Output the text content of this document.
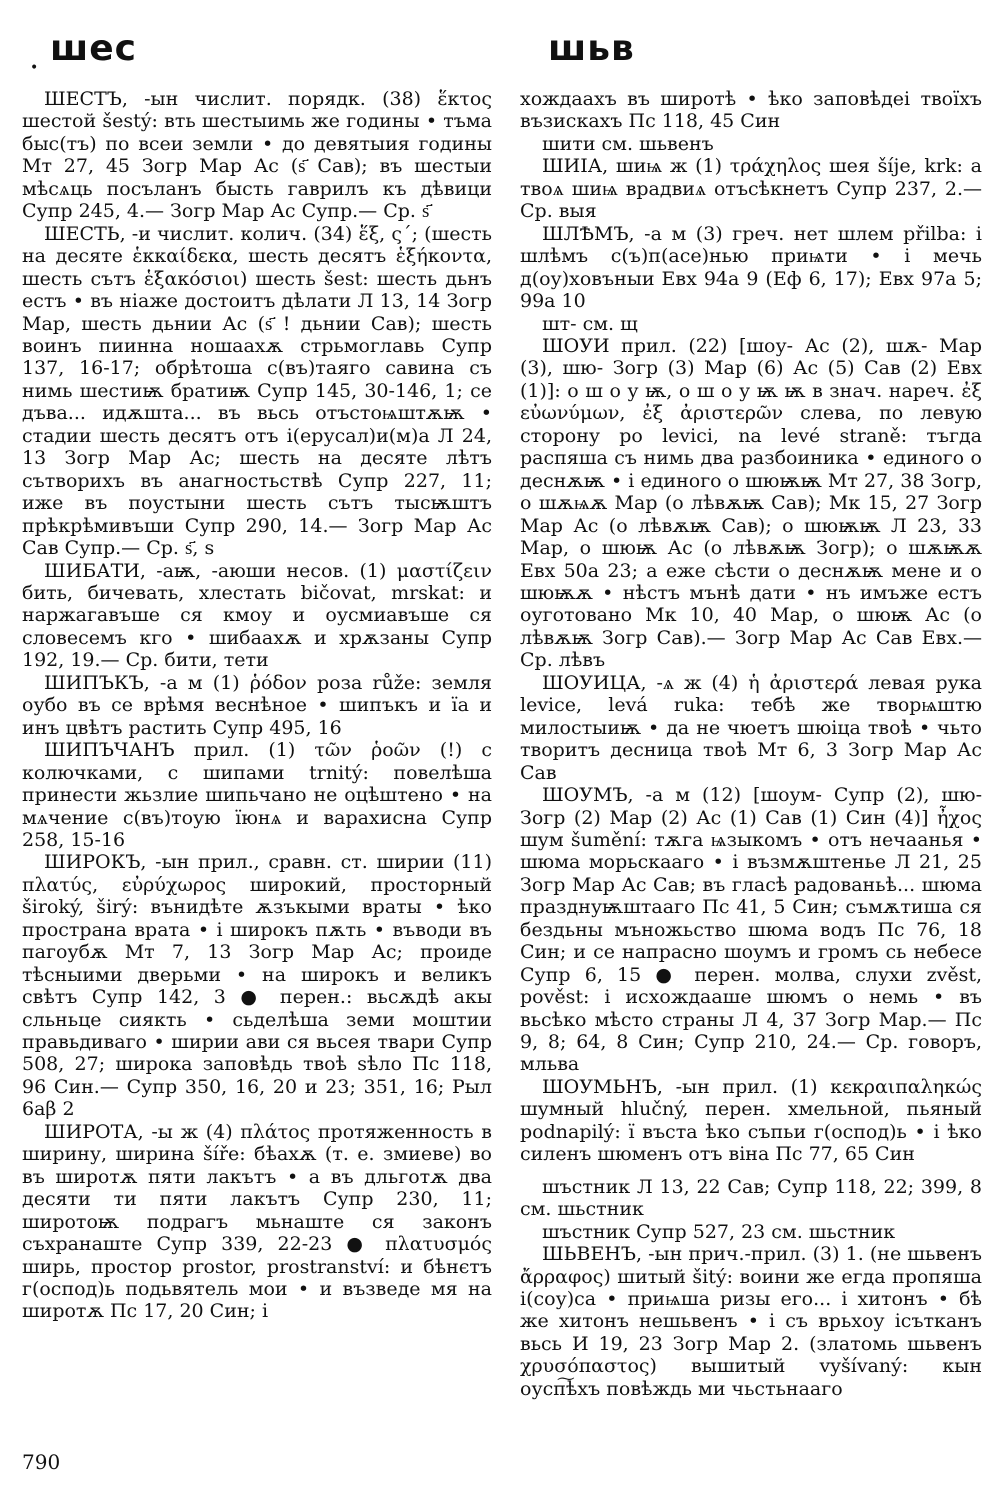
• шес	шьв

ШЕСТЪ, -ын числит. порядк. (38) ἕκτος шестой šestý: вть шестыимь же годины • тъма быс(тъ) по всеи земли • до девятыия годины Мт 27, 45 Зогр Мар Ас (ѕ҃ Сав); въ шестыи мѣсѧць посъланъ бысть гаврилъ къ дѣвици Супр 245, 4.— Зогр Мар Ас Супр.— Ср. ѕ҃

ШЕСТЬ, -и числит. колич. (34) ἕξ, ς´; (шесть на десяте ἑκκαίδεκα, шесть десятъ ἑξήκοντα, шесть сътъ ἑξακόσιοι) шесть šest: шесть дьнъ естъ • въ ніаже достоитъ дѣлати Л 13, 14 Зогр Мар, шесть дьнии Ас (ѕ҃ ! дьнии Сав); шесть воинъ пиинна ношаахѫ стрьмоглавь Супр 137, 16-17; обрѣтоша с(въ)таяго савина съ нимь шестиѭ братиѭ Супр 145, 30-146, 1; се дъва... идѫшта... въ вьсь отъстоѩштѫѭ • стадии шесть десятъ отъ і(ерусал)и(м)а Л 24, 13 Зогр Мар Ас; шесть на десяте лѣтъ сътворихъ въ анагностьствѣ Супр 227, 11; иже въ поустыни шесть сътъ тысѭштъ прѣкрѣмивъши Супр 290, 14.— Зогр Мар Ас Сав Супр.— Ср. ѕ҃, ѕ

ШИБАТИ, -аѭ, -аюши несов. (1) μαστίζειν бить, бичевать, хлестать bičovat, mrskat: и наржагавъше ся кмоу и оусмиавъше ся словесемъ кго • шибаахѫ и хрѫзаны Супр 192, 19.— Ср. бити, тети

ШИПЪКЪ, -а м (1) ῥόδον роза růže: земля оубо въ се врѣмя веснѣное • шипъкъ и їа и инъ цвѣтъ растить Супр 495, 16

ШИПЪЧАНЪ прил. (1) τῶν ῥοῶν (!) с колючками, с шипами trnitý: повелѣша принести жьзлие шипьчано не оцѣштено • на мѧчение с(въ)тоую їюнѧ и варахисна Супр 258, 15-16

ШИРОКЪ, -ын прил., сравн. ст. ширии (11) πλατύς, εὐρύχωρος широкий, просторный široký, širý: вънидѣте ѫзъкыми враты • ѣко пространа врата • і широкъ пѫть • въводи въ пагоубѫ Мт 7, 13 Зогр Мар Ас; проиде тѣсныими дверьми • на широкъ и великъ свѣтъ Супр 142, 3 ● перен.: вьсѫдѣ акы сльньце сиякть • сьделѣша земи моштии правьдиваго • ширии ави ся вьсея твари Супр 508, 27; широка заповѣдь твоѣ ѕѣло Пс 118, 96 Син.— Супр 350, 16, 20 и 23; 351, 16; Рыл 6аβ 2

ШИРОТА, -ы ж (4) πλάτος протяженность в ширину, ширина šíře: бѣахѫ (т. е. змиеве) во въ широтѫ пяти лакътъ • а въ дльготѫ два десяти ти пяти лакътъ Супр 230, 11; широтоѭ подрагъ мьнаште ся законъ съхранаште Супр 339, 22-23 ● πλατυσμός ширь, простор prostor, prostranství: и бѣнєтъ г(оспод)ь подьвятель мои • и възведе мя на широтѫ Пс 17, 20 Син; і

хождаахъ въ широтѣ • ѣко заповѣдеі твоїхъ възискахъ Пс 118, 45 Син

шити см. шьвенъ

ШИІА, шиѩ ж (1) τράχηλος шея šíje, krk: а твоѧ шиѩ врадвиѧ отъсѣкнетъ Супр 237, 2.— Ср. выя

ШЛѢМЪ, -а м (3) греч. нет шлем přilba: і шлѣмъ с(ъ)п(асе)нью приѩти • і мечь д(оу)ховъныи Евх 94а 9 (Еф 6, 17); Евх 97а 5; 99а 10

шт- см. щ

ШОУИ прил. (22) [шоу- Ас (2), шѫ- Мар (3), шю- Зогр (3) Мар (6) Ас (5) Сав (2) Евх (1)]: о ш о у ѭ, о ш о у ѭ ѭ в знач. нареч. ἐξ εὐωνύμων, ἐξ ἀριστερῶν слева, по левую сторону po levici, na levé straně: тъгда распяша съ нимь два разбоиника • единого о деснѫѭ • і единого о шюѭѭ Мт 27, 38 Зогр, о шѫѩѫ Мар (о лѣвѫѭ Сав); Мк 15, 27 Зогр Мар Ас (о лѣвѫѭ Сав); о шюѭѭ Л 23, 33 Мар, о шюѭ Ас (о лѣвѫѭ Зогр); о шѫѭѫ Евх 50а 23; а еже сѣсти о деснѫѭ мене и о шюѭѫ • нѣстъ мънѣ дати • нъ имъже естъ оуготовано Мк 10, 40 Мар, о шюѭ Ас (о лѣвѫѭ Зогр Сав).— Зогр Мар Ас Сав Евх.— Ср. лѣвъ

ШОУИЦА, -ѧ ж (4) ἡ ἀριστερά левая рука levice, levá ruka: тебѣ же творѩштю милостыиѭ • да не чюетъ шюіца твоѣ • чьто творитъ десница твоѣ Мт 6, 3 Зогр Мар Ас Сав

ШОУМЪ, -а м (12) [шоум- Супр (2), шю- Зогр (2) Мар (2) Ас (1) Сав (1) Син (4)] ἦχος шум šumění: тѫга ѩзыкомъ • отъ нечаанья • шюма морьскааго • і възмѫштенье Л 21, 25 Зогр Мар Ас Сав; въ гласѣ радованьѣ... шюма празднуѭштааго Пс 41, 5 Син; съмѫтиша ся бездьны мъножьство шюма водъ Пс 76, 18 Син; и се напрасно шоумъ и громъ сь небесе Супр 6, 15 ● перен. молва, слухи zvěst, pověst: і исхождааше шюмъ о немь • въ вьсѣко мѣсто страны Л 4, 37 Зогр Мар.— Пс 9, 8; 64, 8 Син; Супр 210, 24.— Ср. говоръ, мльва

ШОУМЬНЪ, -ын прил. (1) κεκραιπαληκώς шумный hlučný, перен. хмельной, пьяный podnapilý: ї въста ѣко съпьи г(оспод)ь • і ѣко силенъ шюменъ отъ віна Пс 77, 65 Син

шъстник Л 13, 22 Сав; Супр 118, 22; 399, 8 см. шьстник

шъстник Супр 527, 23 см. шьстник

ШЬВЕНЪ, -ын прич.-прил. (3) 1. (не шьвенъ ἄρραφος) шитый šitý: воини же егда пропяша і(соу)са • приѩша ризы его... і хитонъ • бѣ же хитонъ нешьвенъ • і съ врьхоу ісътканъ вьсь И 19, 23 Зогр Мар 2. (златомь шьвенъ χρυσόπαστος) вышитый vyšívaný: кын оусп͠ѣхъ повѣждь ми чьстьнааго

790
